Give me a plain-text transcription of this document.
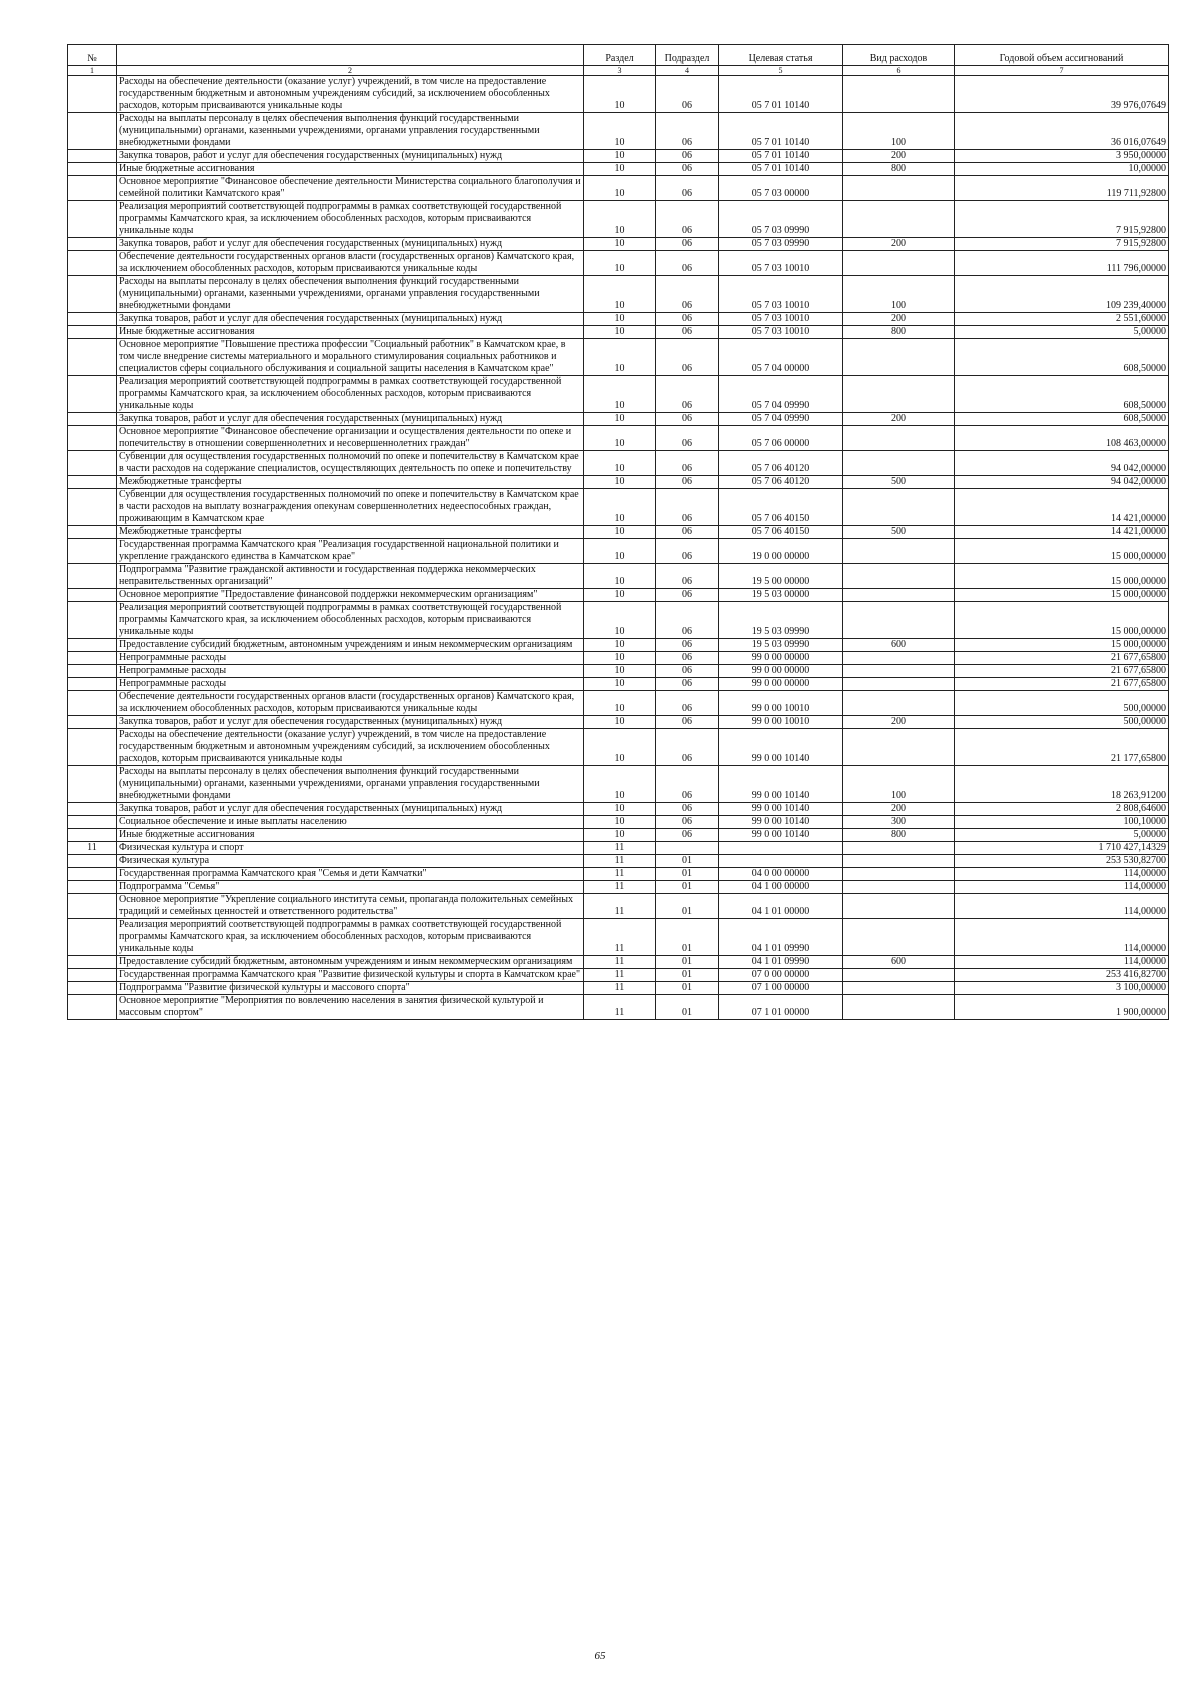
№		Раздел	Подраздел	Целевая статья	Вид расходов	Годовой объем ассигнований
1	2	3	4	5	6	7
	Расходы на обеспечение деятельности (оказание услуг) учреждений, в том числе на предоставление государственным бюджетным и автономным учреждениям субсидий, за исключением обособленных расходов, которым присваиваются уникальные коды	10	06	05 7 01 10140		39 976,07649
	Расходы на выплаты персоналу в целях обеспечения выполнения функций государственными (муниципальными) органами, казенными учреждениями, органами управления государственными внебюджетными фондами	10	06	05 7 01 10140	100	36 016,07649
	Закупка товаров, работ и услуг для обеспечения государственных (муниципальных) нужд	10	06	05 7 01 10140	200	3 950,00000
	Иные бюджетные ассигнования	10	06	05 7 01 10140	800	10,00000
	Основное мероприятие "Финансовое обеспечение деятельности Министерства социального благополучия и семейной политики Камчатского края"	10	06	05 7 03 00000		119 711,92800
	Реализация мероприятий соответствующей подпрограммы в рамках соответствующей государственной программы Камчатского края, за исключением обособленных расходов, которым присваиваются уникальные коды	10	06	05 7 03 09990		7 915,92800
	Закупка товаров, работ и услуг для обеспечения государственных (муниципальных) нужд	10	06	05 7 03 09990	200	7 915,92800
	Обеспечение деятельности государственных органов власти (государственных органов) Камчатского края, за исключением обособленных расходов, которым присваиваются уникальные коды	10	06	05 7 03 10010		111 796,00000
	Расходы на выплаты персоналу в целях обеспечения выполнения функций государственными (муниципальными) органами, казенными учреждениями, органами управления государственными внебюджетными фондами	10	06	05 7 03 10010	100	109 239,40000
	Закупка товаров, работ и услуг для обеспечения государственных (муниципальных) нужд	10	06	05 7 03 10010	200	2 551,60000
	Иные бюджетные ассигнования	10	06	05 7 03 10010	800	5,00000
	Основное мероприятие "Повышение престижа профессии "Социальный работник" в Камчатском крае, в том числе внедрение системы материального и морального стимулирования социальных работников и специалистов сферы социального обслуживания и социальной защиты населения в Камчатском крае"	10	06	05 7 04 00000		608,50000
	Реализация мероприятий соответствующей подпрограммы в рамках соответствующей государственной программы Камчатского края, за исключением обособленных расходов, которым присваиваются уникальные коды	10	06	05 7 04 09990		608,50000
	Закупка товаров, работ и услуг для обеспечения государственных (муниципальных) нужд	10	06	05 7 04 09990	200	608,50000
	Основное мероприятие "Финансовое обеспечение организации и осуществления деятельности по опеке и попечительству в отношении совершеннолетних и несовершеннолетних граждан"	10	06	05 7 06 00000		108 463,00000
	Субвенции для осуществления государственных полномочий по опеке и попечительству в Камчатском крае в части расходов на содержание специалистов, осуществляющих деятельность по опеке и попечительству	10	06	05 7 06 40120		94 042,00000
	Межбюджетные трансферты	10	06	05 7 06 40120	500	94 042,00000
	Субвенции для осуществления государственных полномочий по опеке и попечительству в Камчатском крае в части расходов на выплату вознаграждения опекунам совершеннолетних недееспособных граждан, проживающим в Камчатском крае	10	06	05 7 06 40150		14 421,00000
	Межбюджетные трансферты	10	06	05 7 06 40150	500	14 421,00000
	Государственная программа Камчатского края "Реализация государственной национальной политики и укрепление гражданского единства в Камчатском крае"	10	06	19 0 00 00000		15 000,00000
	Подпрограмма "Развитие гражданской активности и государственная поддержка некоммерческих неправительственных организаций"	10	06	19 5 00 00000		15 000,00000
	Основное мероприятие "Предоставление финансовой поддержки некоммерческим организациям"	10	06	19 5 03 00000		15 000,00000
	Реализация мероприятий соответствующей подпрограммы в рамках соответствующей государственной программы Камчатского края, за исключением обособленных расходов, которым присваиваются уникальные коды	10	06	19 5 03 09990		15 000,00000
	Предоставление субсидий бюджетным, автономным учреждениям и иным некоммерческим организациям	10	06	19 5 03 09990	600	15 000,00000
	Непрограммные расходы	10	06	99 0 00 00000		21 677,65800
	Непрограммные расходы	10	06	99 0 00 00000		21 677,65800
	Непрограммные расходы	10	06	99 0 00 00000		21 677,65800
	Обеспечение деятельности государственных органов власти (государственных органов) Камчатского края, за исключением обособленных расходов, которым присваиваются уникальные коды	10	06	99 0 00 10010		500,00000
	Закупка товаров, работ и услуг для обеспечения государственных (муниципальных) нужд	10	06	99 0 00 10010	200	500,00000
	Расходы на обеспечение деятельности (оказание услуг) учреждений, в том числе на предоставление государственным бюджетным и автономным учреждениям субсидий, за исключением обособленных расходов, которым присваиваются уникальные коды	10	06	99 0 00 10140		21 177,65800
	Расходы на выплаты персоналу в целях обеспечения выполнения функций государственными (муниципальными) органами, казенными учреждениями, органами управления государственными внебюджетными фондами	10	06	99 0 00 10140	100	18 263,91200
	Закупка товаров, работ и услуг для обеспечения государственных (муниципальных) нужд	10	06	99 0 00 10140	200	2 808,64600
	Социальное обеспечение и иные выплаты населению	10	06	99 0 00 10140	300	100,10000
	Иные бюджетные ассигнования	10	06	99 0 00 10140	800	5,00000
11	Физическая культура и спорт	11				1 710 427,14329
	Физическая культура	11	01			253 530,82700
	Государственная программа Камчатского края "Семья и дети Камчатки"	11	01	04 0 00 00000		114,00000
	Подпрограмма "Семья"	11	01	04 1 00 00000		114,00000
	Основное мероприятие "Укрепление социального института семьи, пропаганда положительных семейных традиций и семейных ценностей и ответственного родительства"	11	01	04 1 01 00000		114,00000
	Реализация мероприятий соответствующей подпрограммы в рамках соответствующей государственной программы Камчатского края, за исключением обособленных расходов, которым присваиваются уникальные коды	11	01	04 1 01 09990		114,00000
	Предоставление субсидий бюджетным, автономным учреждениям и иным некоммерческим организациям	11	01	04 1 01 09990	600	114,00000
	Государственная программа Камчатского края "Развитие физической культуры и спорта в Камчатском крае"	11	01	07 0 00 00000		253 416,82700
	Подпрограмма "Развитие физической культуры и массового спорта"	11	01	07 1 00 00000		3 100,00000
	Основное мероприятие "Мероприятия по вовлечению населения в занятия физической культурой и массовым спортом"	11	01	07 1 01 00000		1 900,00000
65
